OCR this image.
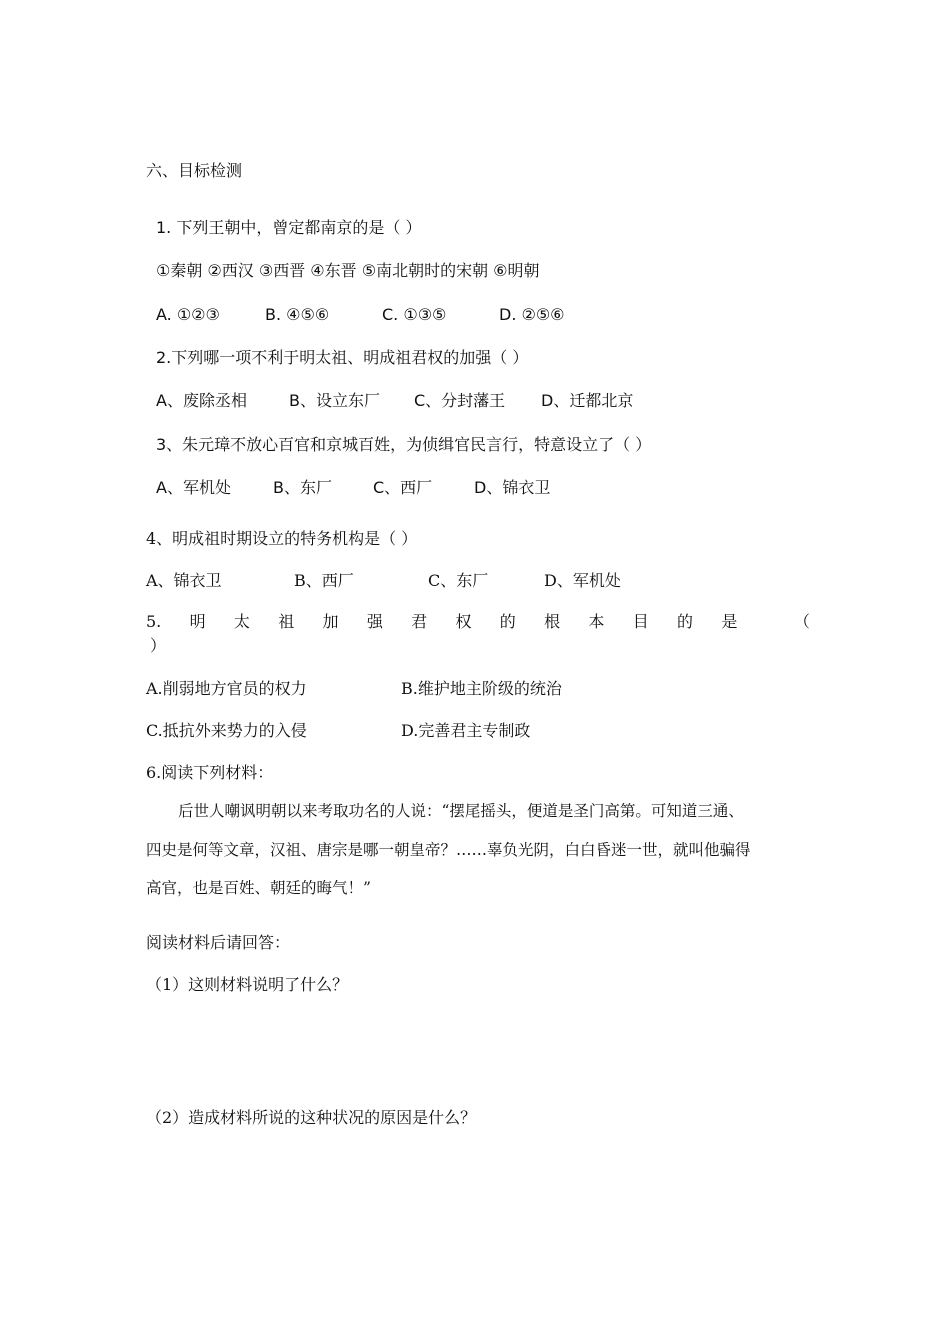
六、目标检测
1. 下列王朝中，曾定都南京的是（ ）
①秦朝 ②西汉 ③西晋 ④东晋 ⑤南北朝时的宋朝 ⑥明朝
A. ①②③	B. ④⑤⑥	C. ①③⑤	D. ②⑤⑥
2.下列哪一项不利于明太祖、明成祖君权的加强（ ）
A、废除丞相	B、设立东厂 C、分封藩王 D、迁都北京
3、朱元璋不放心百官和京城百姓，为侦缉官民言行，特意设立了（ ）
A、军机处	B、东厂	C、西厂	D、锦衣卫
4、明成祖时期设立的特务机构是（ ）
A、锦衣卫	B、西厂	C、东厂	D、军机处
5. 明 太 祖 加 强 君 权 的 根 本 目 的 是	（
）
A.削弱地方官员的权力	B.维护地主阶级的统治
C.抵抗外来势力的入侵	D.完善君主专制政
6.阅读下列材料：
后世人嘲讽明朝以来考取功名的人说：“摆尾摇头，便道是圣门高第。可知道三通、
四史是何等文章，汉祖、唐宗是哪一朝皇帝？……辜负光阴，白白昏迷一世，就叫他骗得
高官，也是百姓、朝廷的晦气！”
阅读材料后请回答：
（1）这则材料说明了什么？
（2）造成材料所说的这种状况的原因是什么？
